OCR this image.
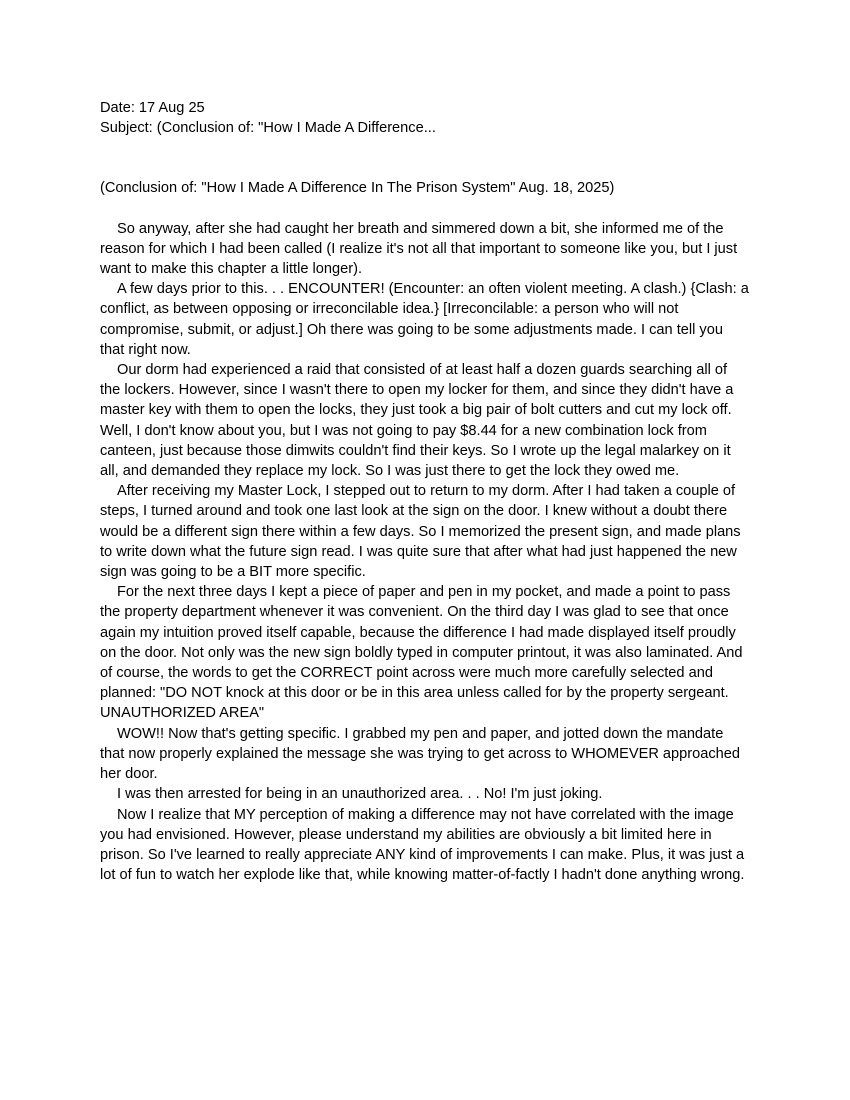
Date: 17 Aug 25

Subject: (Conclusion of: "How I Made A Difference...

(Conclusion of: "How I Made A Difference In The Prison System" Aug. 18, 2025)

So anyway, after she had caught her breath and simmered down a bit, she informed me of the reason for which I had been called (I realize it's not all that important to someone like you, but I just want to make this chapter a little longer).

A few days prior to this. . . ENCOUNTER! (Encounter: an often violent meeting. A clash.) {Clash: a conflict, as between opposing or irreconcilable idea.} [Irreconcilable: a person who will not compromise, submit, or adjust.] Oh there was going to be some adjustments made. I can tell you that right now.

Our dorm had experienced a raid that consisted of at least half a dozen guards searching all of the lockers. However, since I wasn't there to open my locker for them, and since they didn't have a master key with them to open the locks, they just took a big pair of bolt cutters and cut my lock off. Well, I don't know about you, but I was not going to pay $8.44 for a new combination lock from canteen, just because those dimwits couldn't find their keys. So I wrote up the legal malarkey on it all, and demanded they replace my lock. So I was just there to get the lock they owed me.

After receiving my Master Lock, I stepped out to return to my dorm. After I had taken a couple of steps, I turned around and took one last look at the sign on the door. I knew without a doubt there would be a different sign there within a few days. So I memorized the present sign, and made plans to write down what the future sign read. I was quite sure that after what had just happened the new sign was going to be a BIT more specific.

For the next three days I kept a piece of paper and pen in my pocket, and made a point to pass the property department whenever it was convenient. On the third day I was glad to see that once again my intuition proved itself capable, because the difference I had made displayed itself proudly on the door. Not only was the new sign boldly typed in computer printout, it was also laminated. And of course, the words to get the CORRECT point across were much more carefully selected and planned: "DO NOT knock at this door or be in this area unless called for by the property sergeant. UNAUTHORIZED AREA"

WOW!! Now that's getting specific. I grabbed my pen and paper, and jotted down the mandate that now properly explained the message she was trying to get across to WHOMEVER approached her door.

I was then arrested for being in an unauthorized area. . . No! I'm just joking.

Now I realize that MY perception of making a difference may not have correlated with the image you had envisioned. However, please understand my abilities are obviously a bit limited here in prison. So I've learned to really appreciate ANY kind of improvements I can make. Plus, it was just a lot of fun to watch her explode like that, while knowing matter-of-factly I hadn't done anything wrong.
